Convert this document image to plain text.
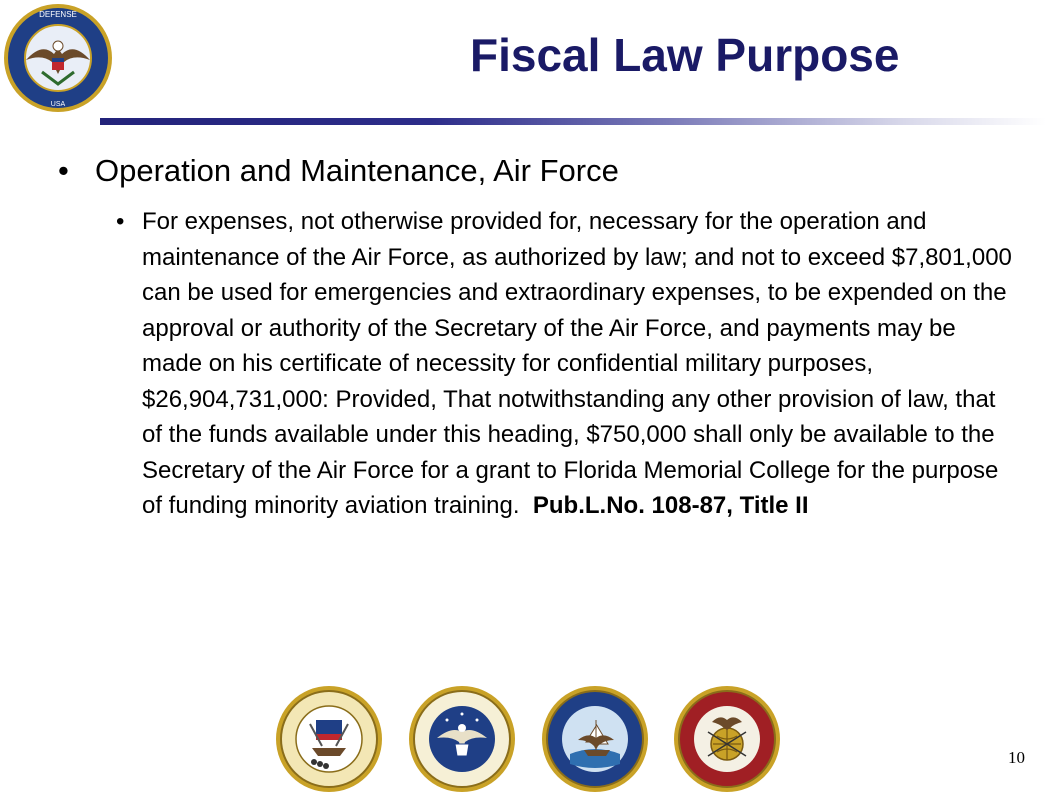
DEFENSE
USA
Fiscal Law Purpose
• Operation and Maintenance, Air Force
• For expenses, not otherwise provided for, necessary for the operation and maintenance of the Air Force, as authorized by law; and not to exceed $7,801,000 can be used for emergencies and extraordinary expenses, to be expended on the approval or authority of the Secretary of the Air Force, and payments may be made on his certificate of necessity for confidential military purposes, $26,904,731,000: Provided, That notwithstanding any other provision of law, that of the funds available under this heading, $750,000 shall only be available to the Secretary of the Air Force for a grant to Florida Memorial College for the purpose of funding minority aviation training.  Pub.L.No. 108-87, Title II
10
